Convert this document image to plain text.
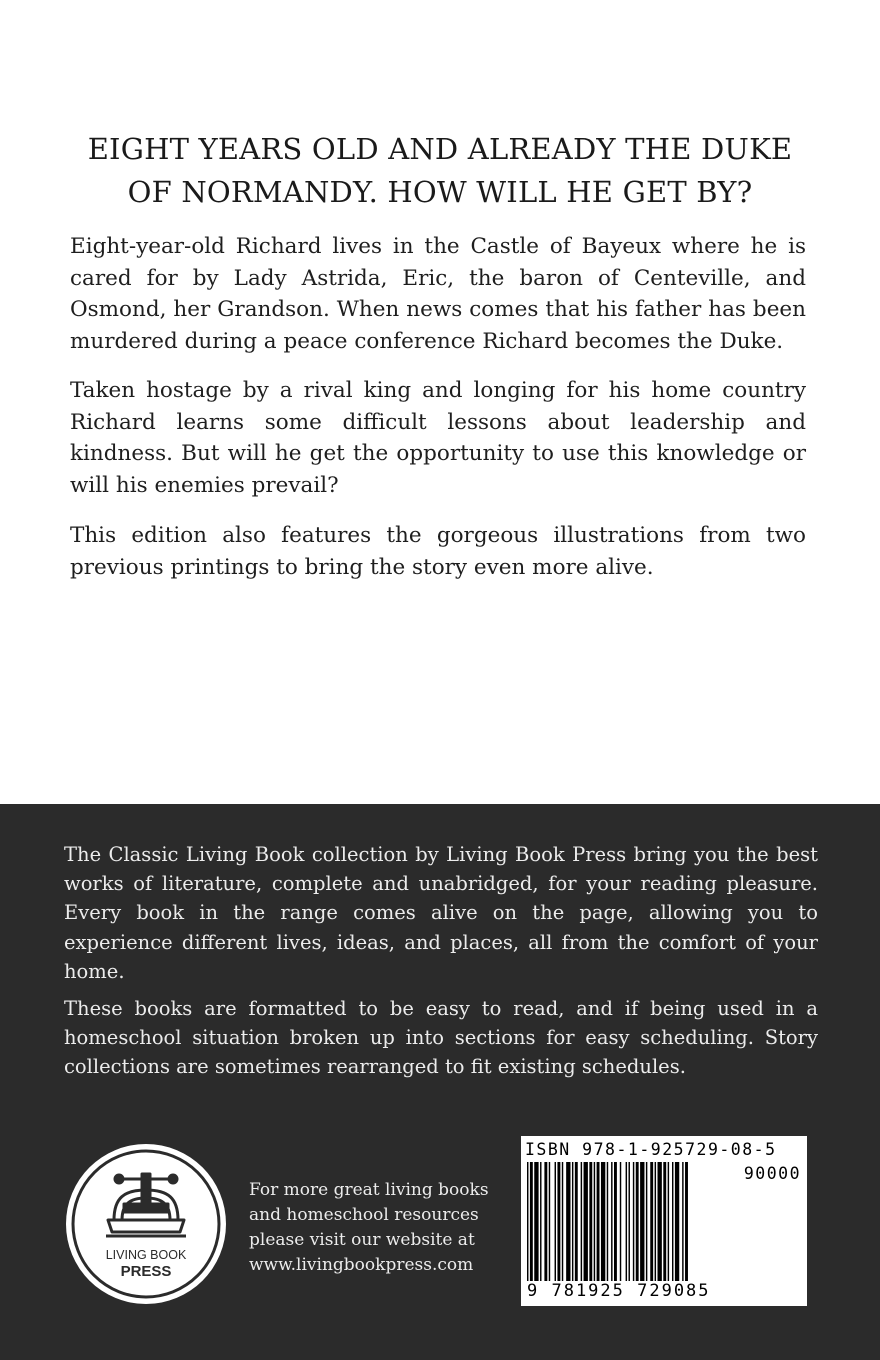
EIGHT YEARS OLD AND ALREADY THE DUKE
OF NORMANDY. HOW WILL HE GET BY?

Eight-year-old Richard lives in the Castle of Bayeux where he is cared for by Lady Astrida, Eric, the baron of Centeville, and Osmond, her Grandson. When news comes that his father has been murdered during a peace conference Richard becomes the Duke.

Taken hostage by a rival king and longing for his home country Richard learns some difficult lessons about leadership and kindness. But will he get the opportunity to use this knowledge or will his enemies prevail?

This edition also features the gorgeous illustrations from two previous printings to bring the story even more alive.

The Classic Living Book collection by Living Book Press bring you the best works of literature, complete and unabridged, for your reading pleasure. Every book in the range comes alive on the page, allowing you to experience different lives, ideas, and places, all from the comfort of your home.

These books are formatted to be easy to read, and if being used in a homeschool situation broken up into sections for easy scheduling. Story collections are sometimes rearranged to fit existing schedules.

LIVING BOOK
PRESS

For more great living books
and homeschool resources
please visit our website at
www.livingbookpress.com

ISBN 978-1-925729-08-5
90000
9 781925 729085
